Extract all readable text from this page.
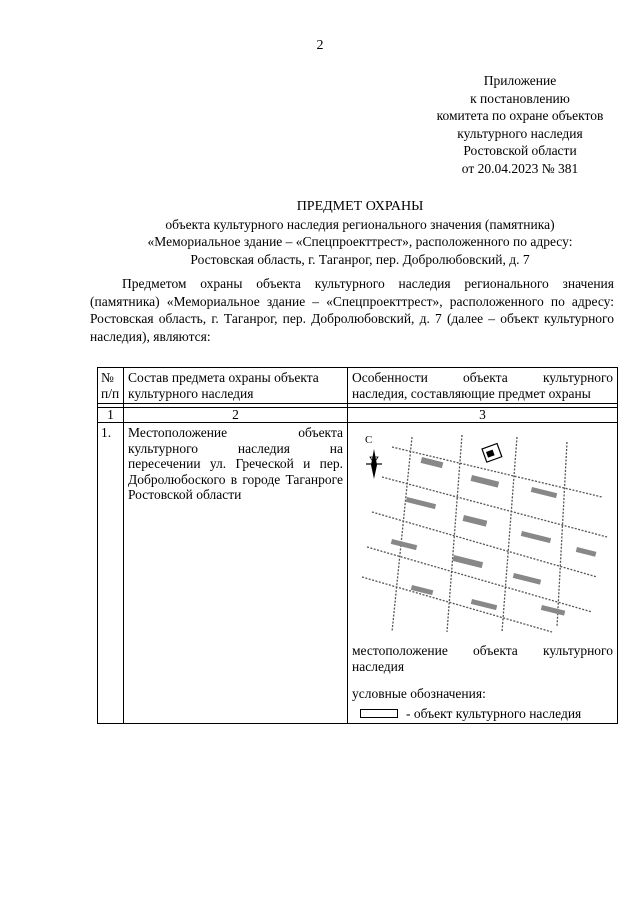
2
Приложение
к постановлению
комитета по охране объектов
культурного наследия
Ростовской области
от 20.04.2023 № 381
ПРЕДМЕТ ОХРАНЫ
объекта культурного наследия регионального значения (памятника)
«Мемориальное здание – «Спецпроекттрест», расположенного по адресу:
Ростовская область, г. Таганрог, пер. Добролюбовский, д. 7
Предметом охраны объекта культурного наследия регионального значения (памятника) «Мемориальное здание – «Спецпроекттрест», расположенного по адресу: Ростовская область, г. Таганрог, пер. Добролюбовский, д. 7 (далее – объект культурного наследия), являются:
№ п/п	Состав предмета охраны объекта культурного наследия	Особенности объекта культурного
наследия, составляющие предмет охраны

1	2	3
1.	Местоположение объекта культурного наследия на пересечении ул. Греческой и пер. Добролюбоского в городе Таганроге Ростовской области	С
местоположение объекта культурного
наследия
условные обозначения:
- объект культурного наследия
